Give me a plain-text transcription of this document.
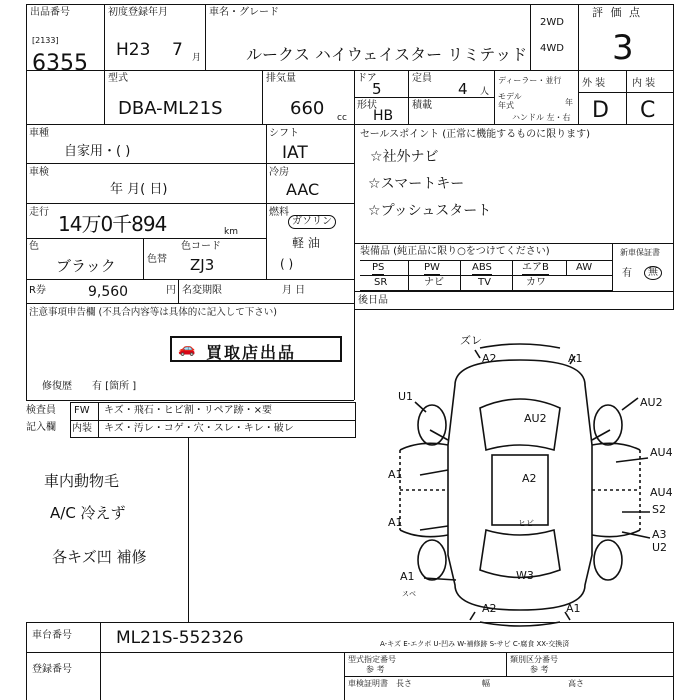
出品番号
[2133]
6355
初度登録年月
H23 7 月
車名・グレード
ルークス ハイウェイスター リミテッド
2WD
4WD
評 価 点
3
型式
DBA-ML21S
排気量
660 cc
ドア
5
定員
4 人
形状
HB
積載
ディーラー・並行
モデル年式	年
ハンドル 左・右
外 装	内 装
D C
車種
自家用・( )
シフト
IAT
車検
年 月( 日)
冷房
AAC
走行 14万0千894	km
燃料
ガソリン
軽 油
( )
色
ブラック	色替
色コード
ZJ3
R券	9,560	円 名変期限	月 日
注意事項申告欄 (不具合内容等は具体的に記入して下さい)
🚗 買取店出品
修復歴 有 [箇所 ]
セールスポイント (正常に機能するものに限ります)
☆社外ナビ
☆スマートキー
☆プッシュスタート
装備品 (純正品に限り○をつけてください)	新車保証書
有	無
PS	PW	ABS	エアB	AW
SR	ナビ	TV	カワ
後日品
検査員
記入欄
FW キズ・飛石・ヒビ割・リペア跡・×要
内装 キズ・汚レ・コゲ・穴・スレ・キレ・破レ
車内動物毛
A/C 冷えず
各キズ凹 補修
ズレ
A2	A1
U1
AU2
AU2
AU4
A1	A2
AU4
S2
A1
A3
U2
A1	W3
スベ
A2	A1
ヒビ
A-キズ E-エクボ U-凹み W-補修跡 S-サビ C-腐食 XX-交換済
車台番号	ML21S-552326
登録番号
型式指定番号
参 考
類別区分番号
参 考
車検証明書 長さ	幅	高さ
